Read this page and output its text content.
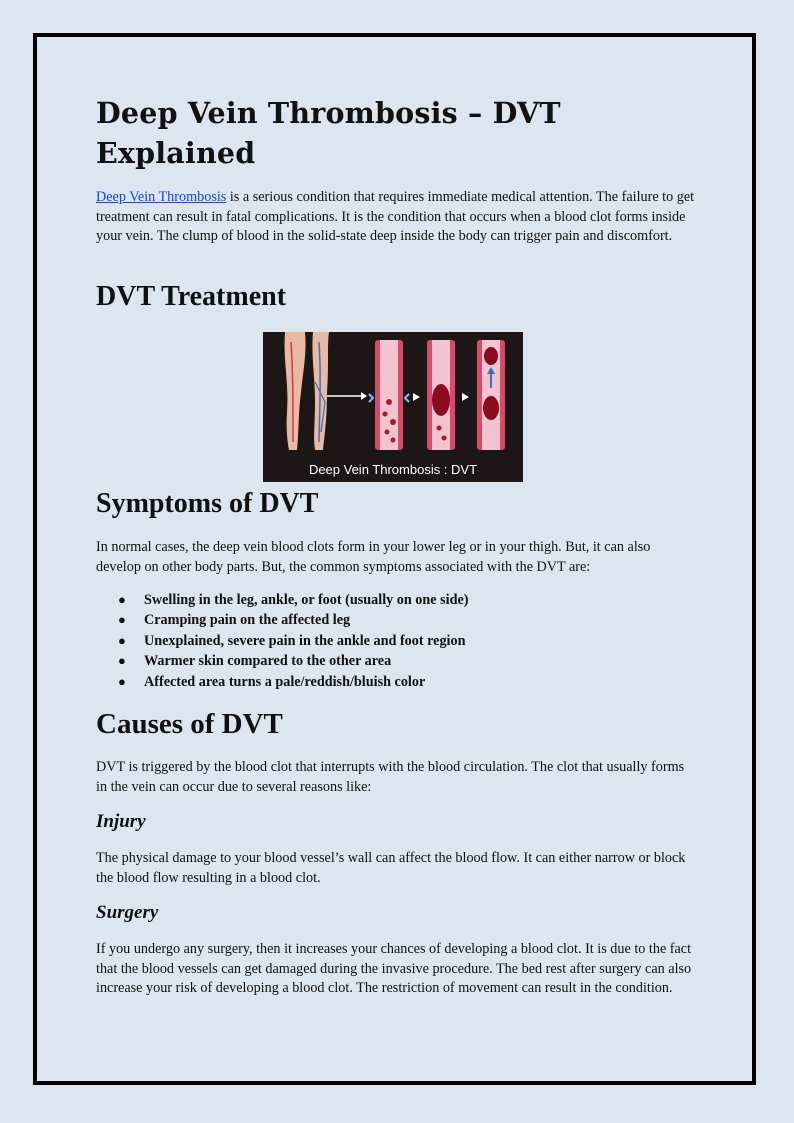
Deep Vein Thrombosis – DVT Explained

Deep Vein Thrombosis is a serious condition that requires immediate medical attention. The failure to get treatment can result in fatal complications. It is the condition that occurs when a blood clot forms inside your vein. The clump of blood in the solid-state deep inside the body can trigger pain and discomfort.

DVT Treatment
Deep Vein Thrombosis : DVT
Symptoms of DVT

In normal cases, the deep vein blood clots form in your lower leg or in your thigh. But, it can also develop on other body parts. But, the common symptoms associated with the DVT are:

● Swelling in the leg, ankle, or foot (usually on one side)
● Cramping pain on the affected leg
● Unexplained, severe pain in the ankle and foot region
● Warmer skin compared to the other area
● Affected area turns a pale/reddish/bluish color
Causes of DVT

DVT is triggered by the blood clot that interrupts with the blood circulation. The clot that usually forms in the vein can occur due to several reasons like:

Injury

The physical damage to your blood vessel’s wall can affect the blood flow. It can either narrow or block the blood flow resulting in a blood clot.

Surgery

If you undergo any surgery, then it increases your chances of developing a blood clot. It is due to the fact that the blood vessels can get damaged during the invasive procedure. The bed rest after surgery can also increase your risk of developing a blood clot. The restriction of movement can result in the condition.
